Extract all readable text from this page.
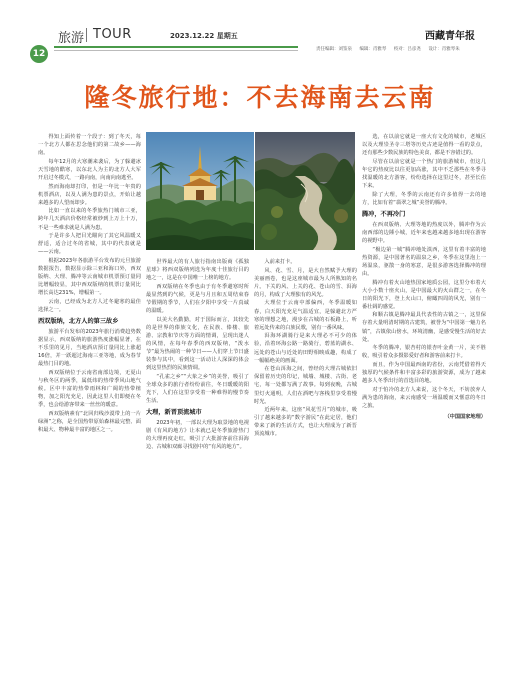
12
旅游 TOUR	2023.12.22 星期五	西藏青年报
责任编辑：刘鉴泉 编辑：肖雅琴 校对：吕彦尧 设计：肖雅琴朱
隆冬旅行地：不去海南去云南

得知上面传着一个段子：到了冬天，每一个北方人都在思念他们的第二故乡——海南。

每年12月的大寒潮来袭后，为了躲避冰天雪地的酷寒，以东北人为主的北方人大军开启过冬模式，一路向南，向南向南逃至。

然而海南却打印，但是一年比一年贵的机票酒店，以及人满为患的景点，开始让越来越多的人望而却步。

比如一直以来的冬季旅热门城市三亚，跨年几天酒店价格经常被炒到上万上十万，不是一些难求就是人满为患。

于是许多人把目光瞄向了其它风温暖又舒适，适合过冬的省城，其中的代表就是——云南。

根据2023年各旅游平台发布的元旦旅游数据报告，数据显示除三亚和海口外，西双版纳、大理、腾冲等云南城市机票预订量同比增幅较显，其中西双版纳的机票订量同比增长高达231%，增幅第一。

云南，已经成为北方人过冬避寒的最佳选择之一。

西双版纳，北方人的第三故乡

旅游平台发布的2023年旅行消费趋势数据显示，西双版纳的旅游热度涨幅显著，在不乐里的见月，当地酒店预订量同比上涨超16倍，并一跃超过海南三亚等地，成为春节最热门目的地。

西双版纳位于云南省南部边境，无夏山与秋冬区的两季，属低纬的热带季风山地气候。区中丰富的热带雨林和广阔的热带植物，加之阳光充足，因此这里人们即便在冬季，也会给游客带来一丝丝的暖意。

西双版纳素有“北回归线沙漠带上的一片绿洲”之称，是全国热带原始森林最完整、面积最大、物种最丰富的地区之一。

世界最大的有人旅行指南出版商《孤独星球》将西双版纳列选为年度十佳旅行目的地之一，这是在中国唯一上榜的地方。

西双版纳在冬季也由于有冬季避寒时所最显然到的气候，更是与月且和五周结束春节假期的季节，人们在夕阳中享受一片真诚的温暖。

以美大名勤勤，对于国际而言，其较先的是世界的傣族文化，在民族、傣楼、旅游、宗教和节庆等方面的情调，呈现出迷人的风情，在每年春季的西双版纳，“泼水节”最为热闹的一种节日——人们穿上节日盛装参与其中，看到这一活动让人深深的体会到这里热烈的民族情调。

“孔雀之乡”“大象之乡”的美誉，吸引了全球众多的旅行者纷纷前往，冬日暖暖的阳光下，人们在这里享受着一种难得的慢节奏生活。

大理，新晋顶流城市

2023年初，一部以大理为取景地的电视剧《有风的地方》让本就已是冬季旅游热门的大理再度走红，吸引了大批游客前往洱海边、古城和双廊寻找剧中的“有风的地方”。

入前来打卡。

风、花、雪、月，是大自然赋予大理的美丽画卷，也是这座城市最为人所熟知的名片。下关的风、上关的花、苍山的雪、洱海的月，构成了大理独有的风光。

大理位于云南中部偏西，冬季温暖如春，白天阳光充足气温适宜，是躲避北方严寒的理想之地，漫步在古城的石板路上，听着远处传来的白族民歌，别有一番风味。

洱海环湖骑行是来大理必不可少的体验，沿着环海公路一路骑行，碧蓝的湖水、远处的苍山与近处的田野相映成趣，构成了一幅幅绝美的画面。

在苍山洱海之间，曾经的大理古城依旧保留着历史的印记，城墙、城楼、古街、老宅，每一处都写满了故事。每到夜晚，古城里灯火通明，人们在酒吧与客栈里享受着慢时光。

近两年来，这座“风花雪月”的城市，吸引了越来越多的“数字游民”在此定居，他们带来了新的生活方式，也让大理成为了新晋顶流城市。

选，在以前它就是一座大有文化的城市，老城区以及大理崇圣寺三塔等历史古迹是值得一看的景点，还有那些少数民族的特色美食，都是不容错过的。

尽管在以前它就是一个热门的旅游城市，但这几年它的热度比以往更加高涨，其中不乏那些在冬季寻找温暖的北方游客，纷纷选择在这里过冬，甚至长住下来。

除了大理，冬季的云南还有许多值得一去的地方，比如有着“翡翠之城”美誉的腾冲。

腾冲，不再冷门

在西双版纳、大理等地的热度以外，腾冲作为云南西部的边陲小城，近年来也越来越多地出现在游客的视野中。

“极边第一城”腾冲地处滇西，这里有着丰富的地热资源，是中国著名的温泉之乡，冬季在这里泡上一场温泉，驱散一身的寒意，是很多游客选择腾冲的理由。

腾冲有着火山地热国家地质公园，这里分布着大大小小数十座火山，是中国最大的火山群之一，在冬日的阳光下，登上火山口，俯瞰四周的风光，别有一番壮阔的感觉。

和顺古镇是腾冲最具代表性的古镇之一，这里保存着大量明清时期的古建筑，被誉为“中国第一魅力名镇”，古镇依山傍水，环境清幽，是感受慢生活的好去处。

冬季的腾冲，银杏村的银杏叶金黄一片，美不胜收，吸引着众多摄影爱好者和游客前来打卡。

而且，作为中国最西南的省份，云南凭借着得天独厚的气候条件和丰富多彩的旅游资源，成为了越来越多人冬季出行的首选目的地。

对于怕冷的北方人来说，这个冬天，不妨放弃人满为患的海南，来云南感受一场温暖而又惬意的冬日之旅。

（中国国家地理）
